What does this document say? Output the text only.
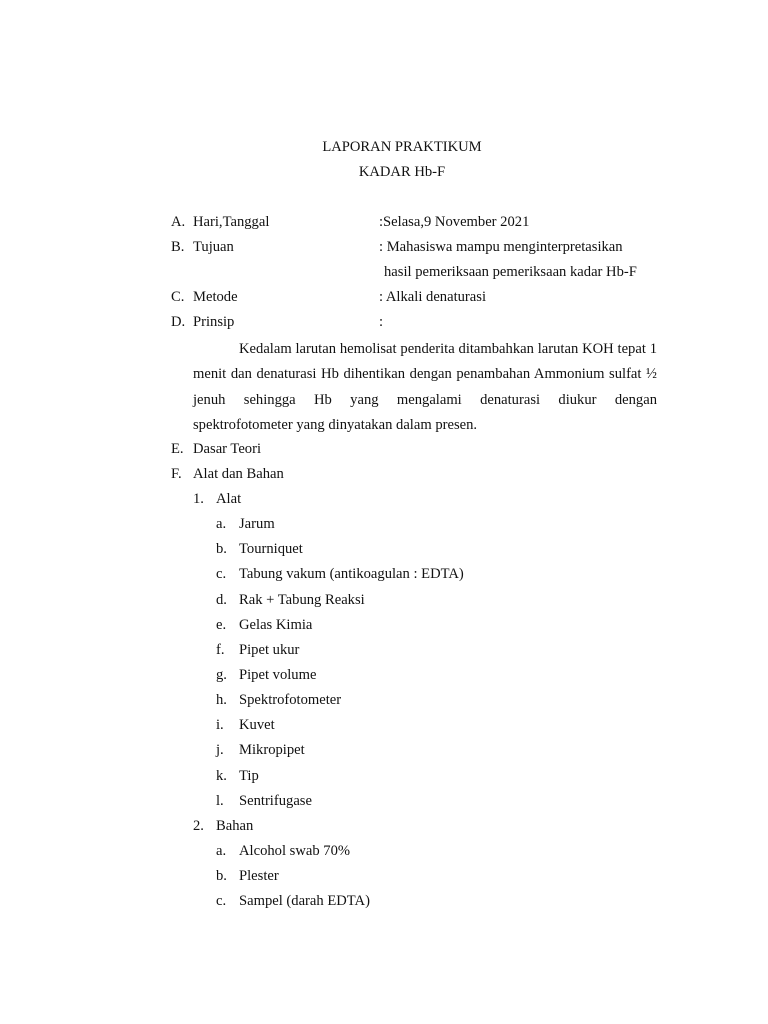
LAPORAN PRAKTIKUM
KADAR Hb-F
A. Hari,Tanggal	:Selasa,9 November 2021
B. Tujuan	: Mahasiswa mampu menginterpretasikan
hasil pemeriksaan pemeriksaan kadar Hb-F
C. Metode	: Alkali denaturasi
D. Prinsip	:
Kedalam larutan hemolisat penderita ditambahkan larutan KOH tepat 1 menit dan denaturasi Hb dihentikan dengan penambahan Ammonium sulfat ½ jenuh sehingga Hb yang mengalami denaturasi diukur dengan spektrofotometer yang dinyatakan dalam presen.
E. Dasar Teori
F. Alat dan Bahan
1. Alat
a. Jarum
b. Tourniquet
c. Tabung vakum (antikoagulan : EDTA)
d. Rak + Tabung Reaksi
e. Gelas Kimia
f. Pipet ukur
g. Pipet volume
h. Spektrofotometer
i. Kuvet
j. Mikropipet
k. Tip
l. Sentrifugase
2. Bahan
a. Alcohol swab 70%
b. Plester
c. Sampel (darah EDTA)
